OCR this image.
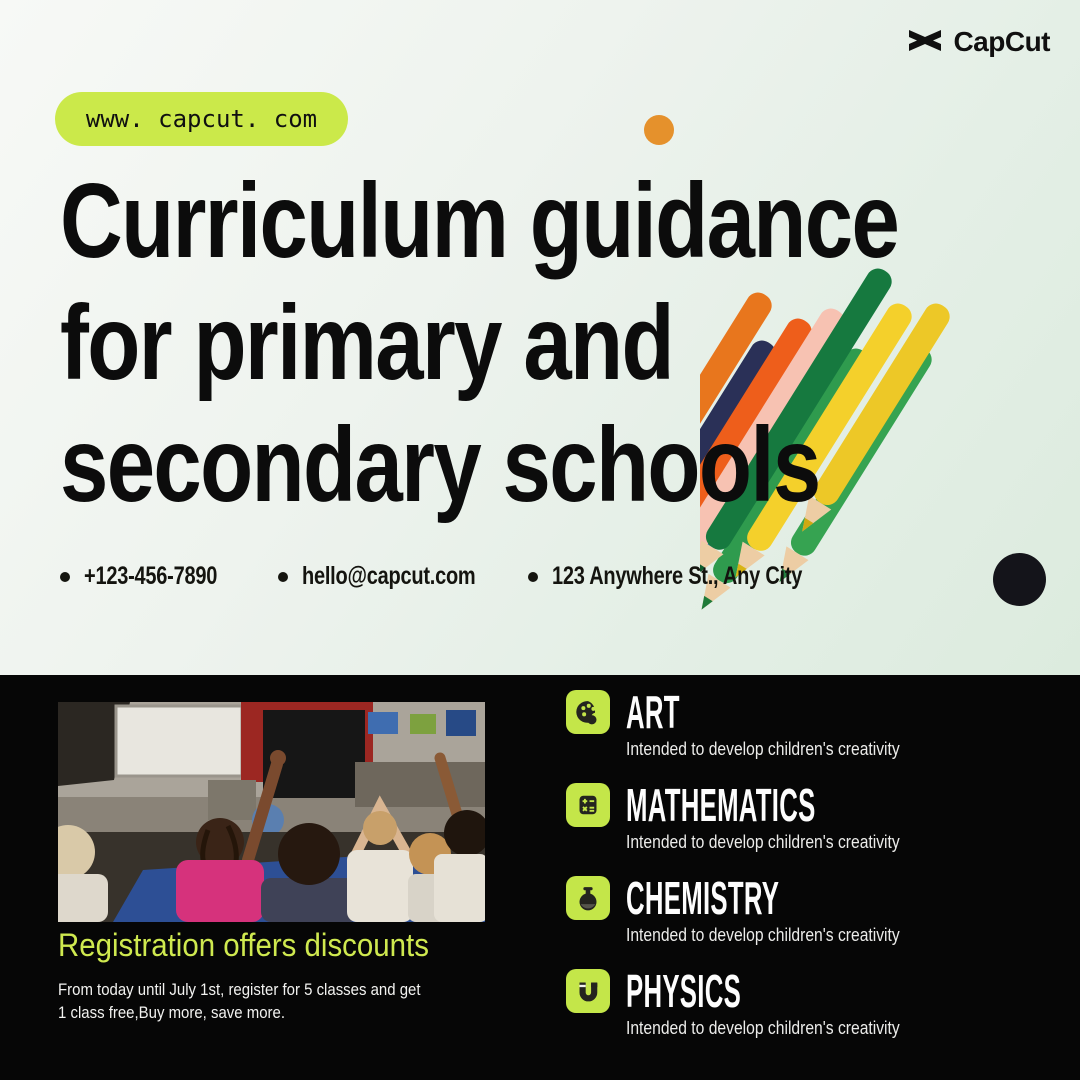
CapCut
www. capcut. com
Curriculum guidance
for primary and
secondary schools
+123-456-7890	hello@capcut.com	123 Anywhere St., Any City
Registration offers discounts
From today until July 1st, register for 5 classes and get
1 class free,Buy more, save more.
ART
Intended to develop children's creativity
MATHEMATICS
Intended to develop children's creativity
CHEMISTRY
Intended to develop children's creativity
PHYSICS
Intended to develop children's creativity
